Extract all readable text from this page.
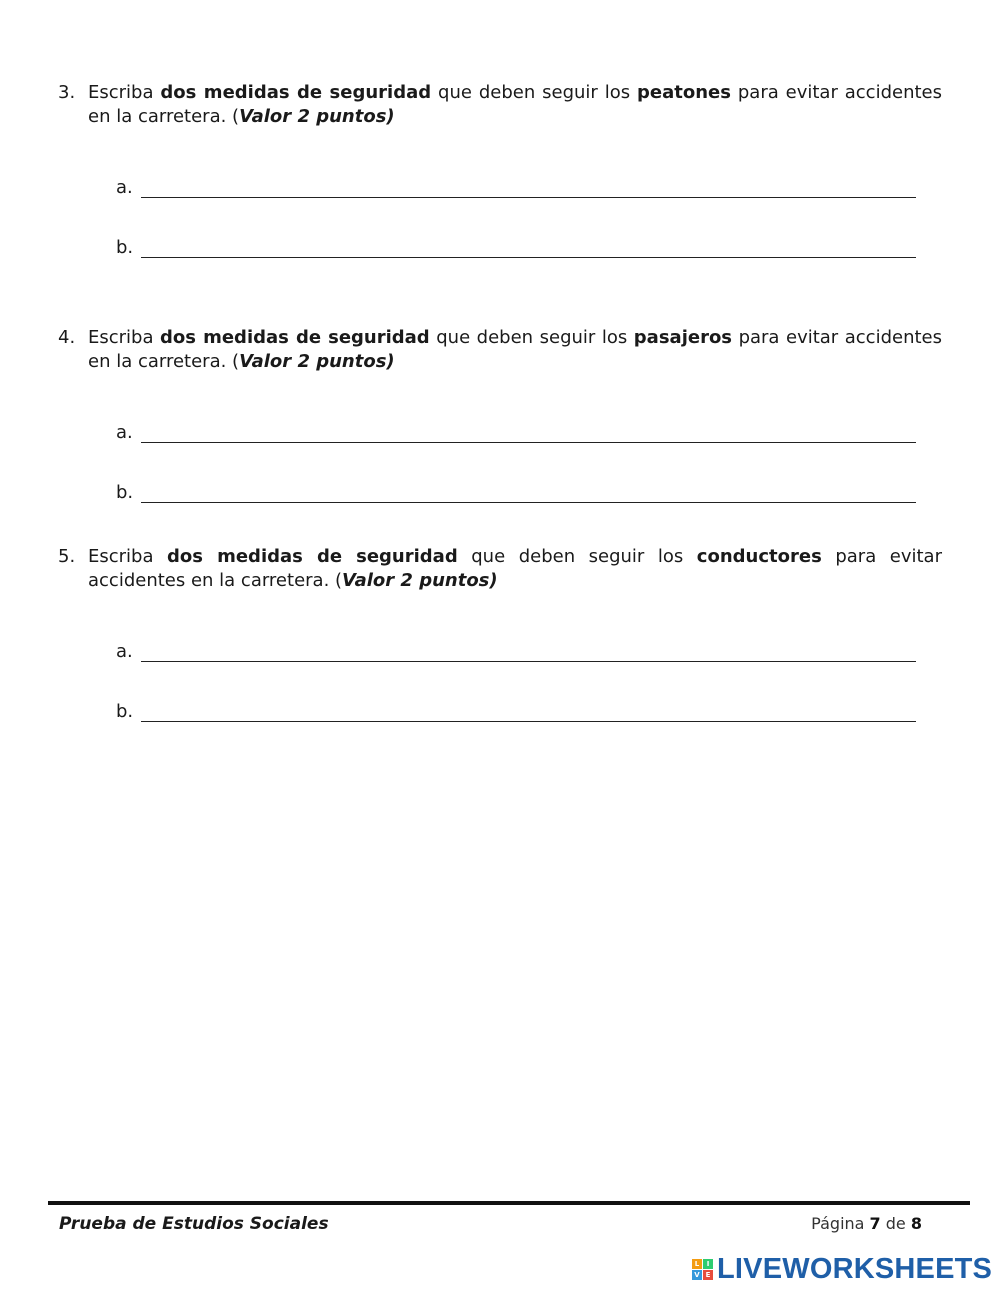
3. Escriba dos medidas de seguridad que deben seguir los peatones para evitar accidentes en la carretera. (Valor 2 puntos)
a.
b.
4. Escriba dos medidas de seguridad que deben seguir los pasajeros para evitar accidentes en la carretera. (Valor 2 puntos)
a.
b.
5. Escriba dos medidas de seguridad que deben seguir los conductores para evitar accidentes en la carretera. (Valor 2 puntos)
a.
b.
Prueba de Estudios Sociales	Página 7 de 8
L	I
V E LIVEWORKSHEETS
